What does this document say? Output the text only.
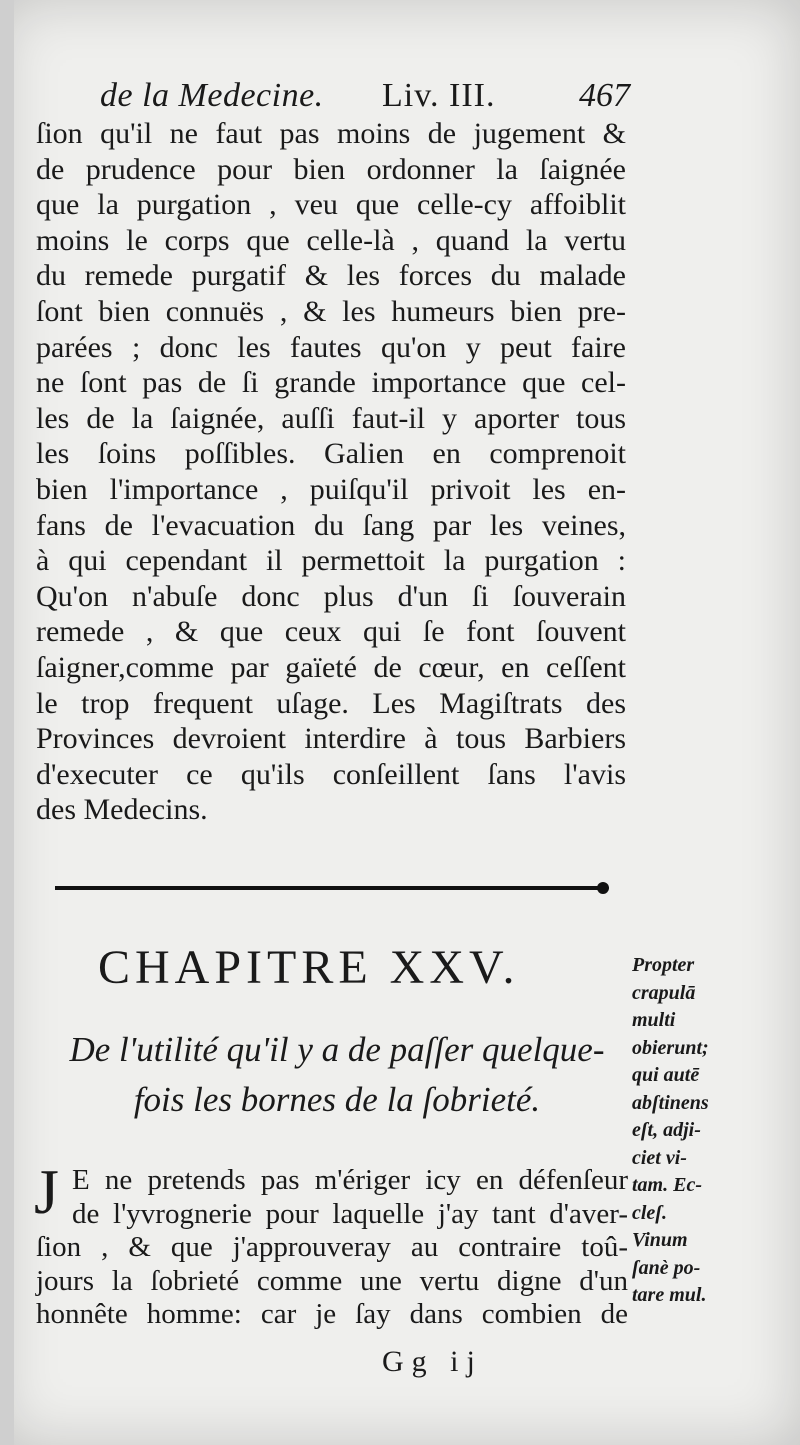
de la Medecine. Liv. III. 467
ſion qu'il ne faut pas moins de jugement &
de prudence pour bien ordonner la ſaignée
que la purgation , veu que celle-cy affoiblit
moins le corps que celle-là , quand la vertu
du remede purgatif & les forces du malade
ſont bien connuës , & les humeurs bien pre-
parées ; donc les fautes qu'on y peut faire
ne ſont pas de ſi grande importance que cel-
les de la ſaignée, auſſi faut-il y aporter tous
les ſoins poſſibles. Galien en comprenoit
bien l'importance , puiſqu'il privoit les en-
fans de l'evacuation du ſang par les veines,
à qui cependant il permettoit la purgation :
Qu'on n'abuſe donc plus d'un ſi ſouverain
remede , & que ceux qui ſe font ſouvent
ſaigner,comme par gaïeté de cœur, en ceſſent
le trop frequent uſage. Les Magiſtrats des
Provinces devroient interdire à tous Barbiers
d'executer ce qu'ils conſeillent ſans l'avis
des Medecins.
CHAPITRE XXV.
De l'utilité qu'il y a de paſſer quelque-
fois les bornes de la ſobrieté.
J E ne pretends pas m'ériger icy en défenſeur
de l'yvrognerie pour laquelle j'ay tant d'aver-
ſion , & que j'approuveray au contraire toû-
jours la ſobrieté comme une vertu digne d'un
honnête homme: car je ſay dans combien de
Propter
crapulā
multi
obierunt;
qui autē
abſtinens
eſt, adji-
ciet vi-
tam. Ec-
cleſ.
Vinum
ſanè po-
tare mul.
Gg ij
